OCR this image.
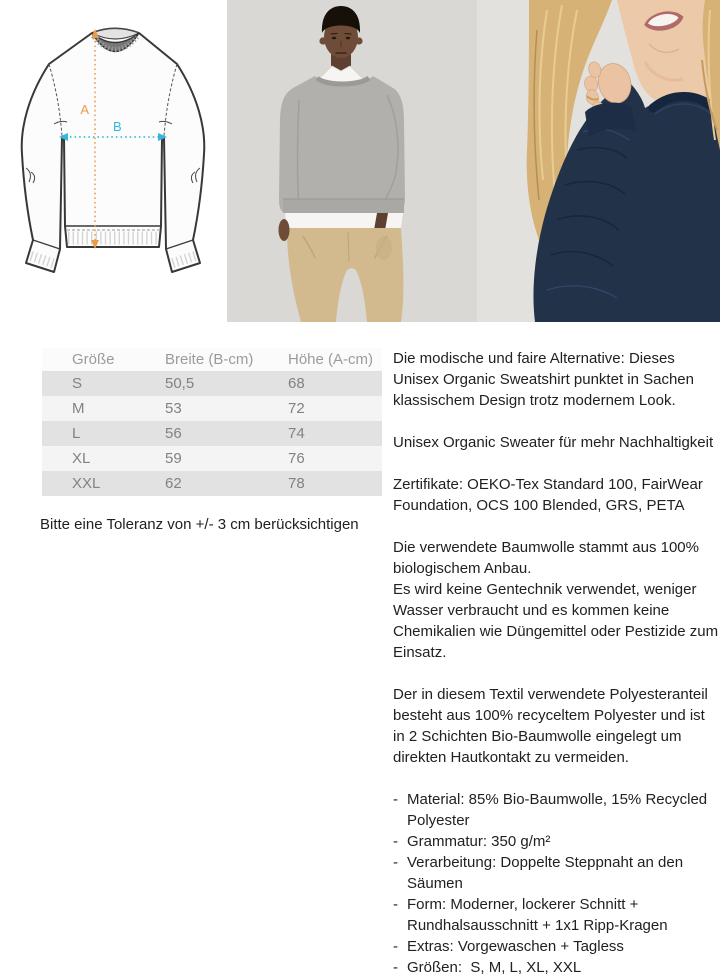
A
B
Größe	Breite (B-cm)	Höhe (A-cm)
S	50,5	68
M	53	72
L	56	74
XL	59	76
XXL	62	78

Bitte eine Toleranz von +/- 3 cm berücksichtigen

Die modische und faire Alternative: Dieses Unisex Organic Sweatshirt punktet in Sachen klassischem Design trotz modernem Look.

Unisex Organic Sweater für mehr Nachhaltigkeit

Zertifikate: OEKO-Tex Standard 100, FairWear Foundation, OCS 100 Blended, GRS, PETA

Die verwendete Baumwolle stammt aus 100% biologischem Anbau.

Es wird keine Gentechnik verwendet, weniger Wasser verbraucht und es kommen keine Chemikalien wie Düngemittel oder Pestizide zum Einsatz.

Der in diesem Textil verwendete Polyesteranteil besteht aus 100% recyceltem Polyester und ist in 2 Schichten Bio-Baumwolle eingelegt um direkten Hautkontakt zu vermeiden.

- Material: 85% Bio-Baumwolle, 15% Recycled Polyester
- Grammatur: 350 g/m²
- Verarbeitung: Doppelte Steppnaht an den Säumen
- Form: Moderner, lockerer Schnitt + Rundhalsausschnitt + 1x1 Ripp-Kragen
- Extras: Vorgewaschen + Tagless
- Größen:  S, M, L, XL, XXL
